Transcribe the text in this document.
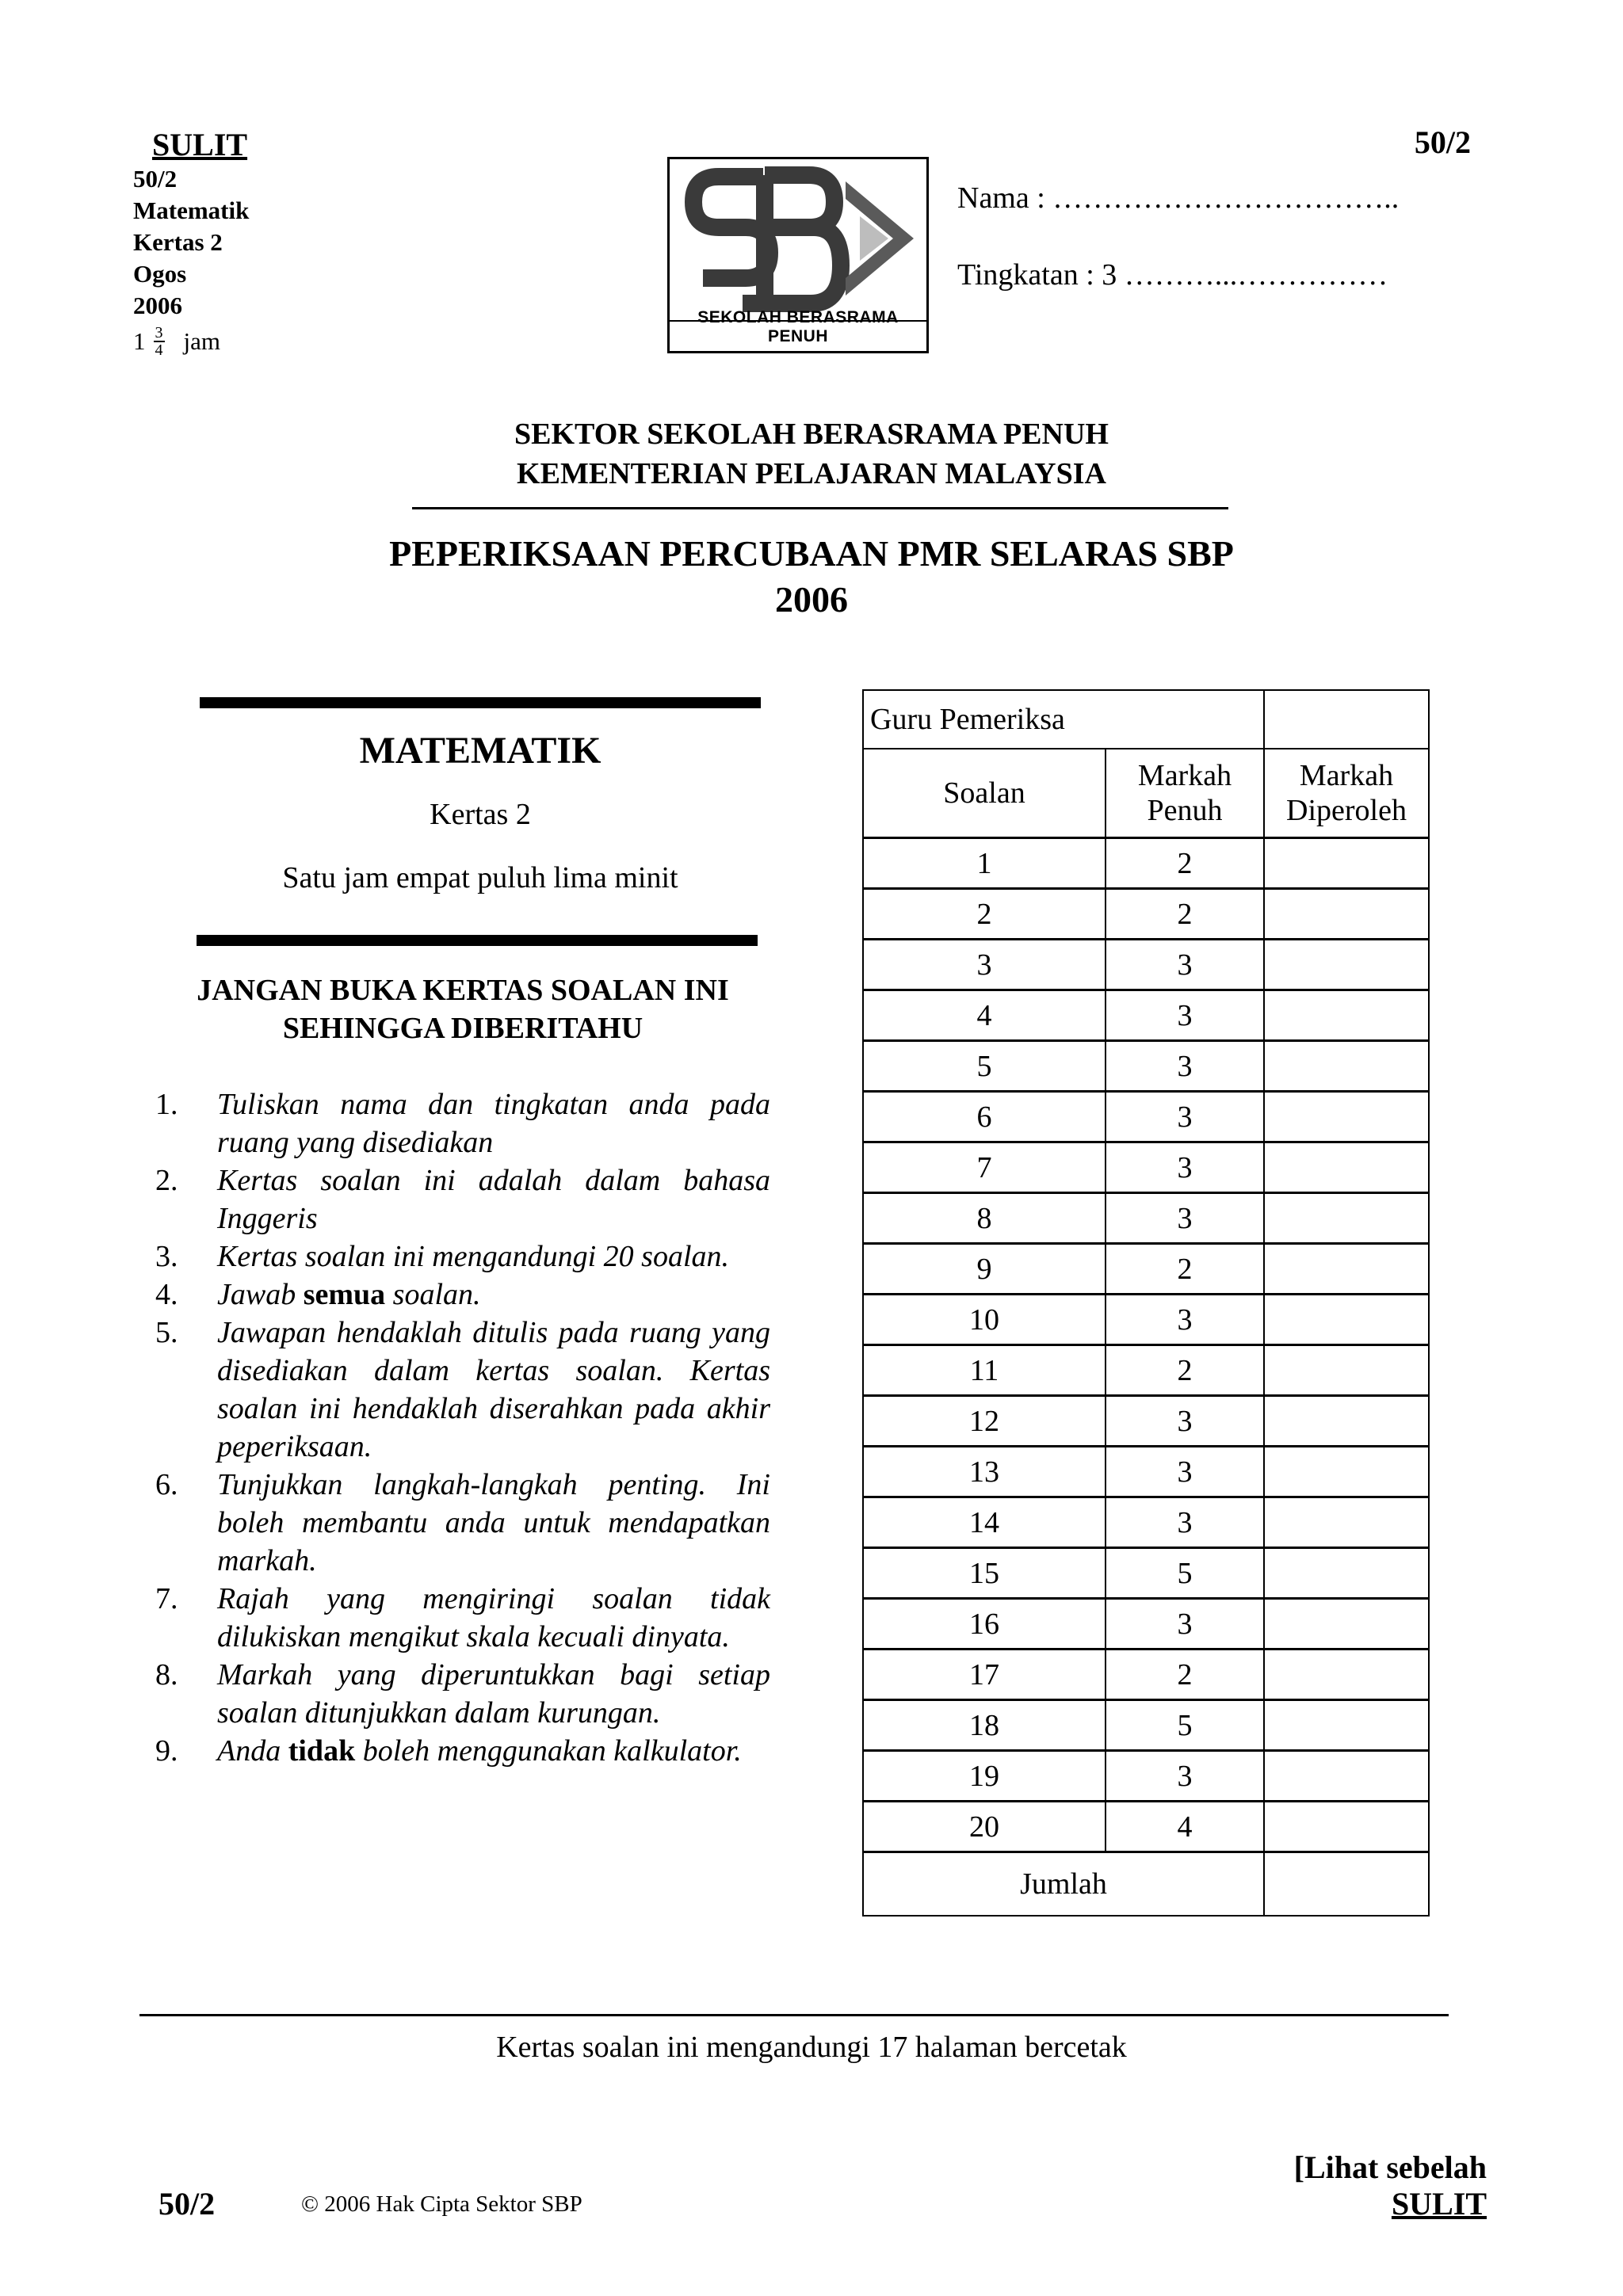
SULIT
50/2
Matematik
Kertas 2
Ogos
2006
$1 \frac{3}{4}$ jam
50/2
SEKOLAH BERASRAMA PENUH
Nama : ……………………………..
Tingkatan : 3 ………...……………
SEKTOR SEKOLAH BERASRAMA PENUH
KEMENTERIAN PELAJARAN MALAYSIA
PEPERIKSAAN PERCUBAAN PMR SELARAS SBP
2006
MATEMATIK
Kertas 2
Satu jam empat puluh lima minit
JANGAN BUKA KERTAS SOALAN INI
SEHINGGA DIBERITAHU
1.	Tuliskan nama dan tingkatan anda pada ruang yang disediakan
2.	Kertas soalan ini adalah dalam bahasa Inggeris
3.	Kertas soalan ini mengandungi 20 soalan.
4.	Jawab semua soalan.
5.	Jawapan hendaklah ditulis pada ruang yang disediakan dalam kertas soalan. Kertas soalan ini hendaklah diserahkan pada akhir peperiksaan.
6.	Tunjukkan langkah-langkah penting. Ini boleh membantu anda untuk mendapatkan markah.
7.	Rajah yang mengiringi soalan tidak dilukiskan mengikut skala kecuali dinyata.
8.	Markah yang diperuntukkan bagi setiap soalan ditunjukkan dalam kurungan.
9.	Anda tidak boleh menggunakan kalkulator.
Guru Pemeriksa		
Soalan	Markah Penuh	Markah Diperoleh
1	2	
2	2	
3	3	
4	3	
5	3	
6	3	
7	3	
8	3	
9	2	
10	3	
11	2	
12	3	
13	3	
14	3	
15	5	
16	3	
17	2	
18	5	
19	3	
20	4	
Jumlah		
Kertas soalan ini mengandungi 17 halaman bercetak
[Lihat sebelah
50/2	© 2006 Hak Cipta Sektor SBP	SULIT
